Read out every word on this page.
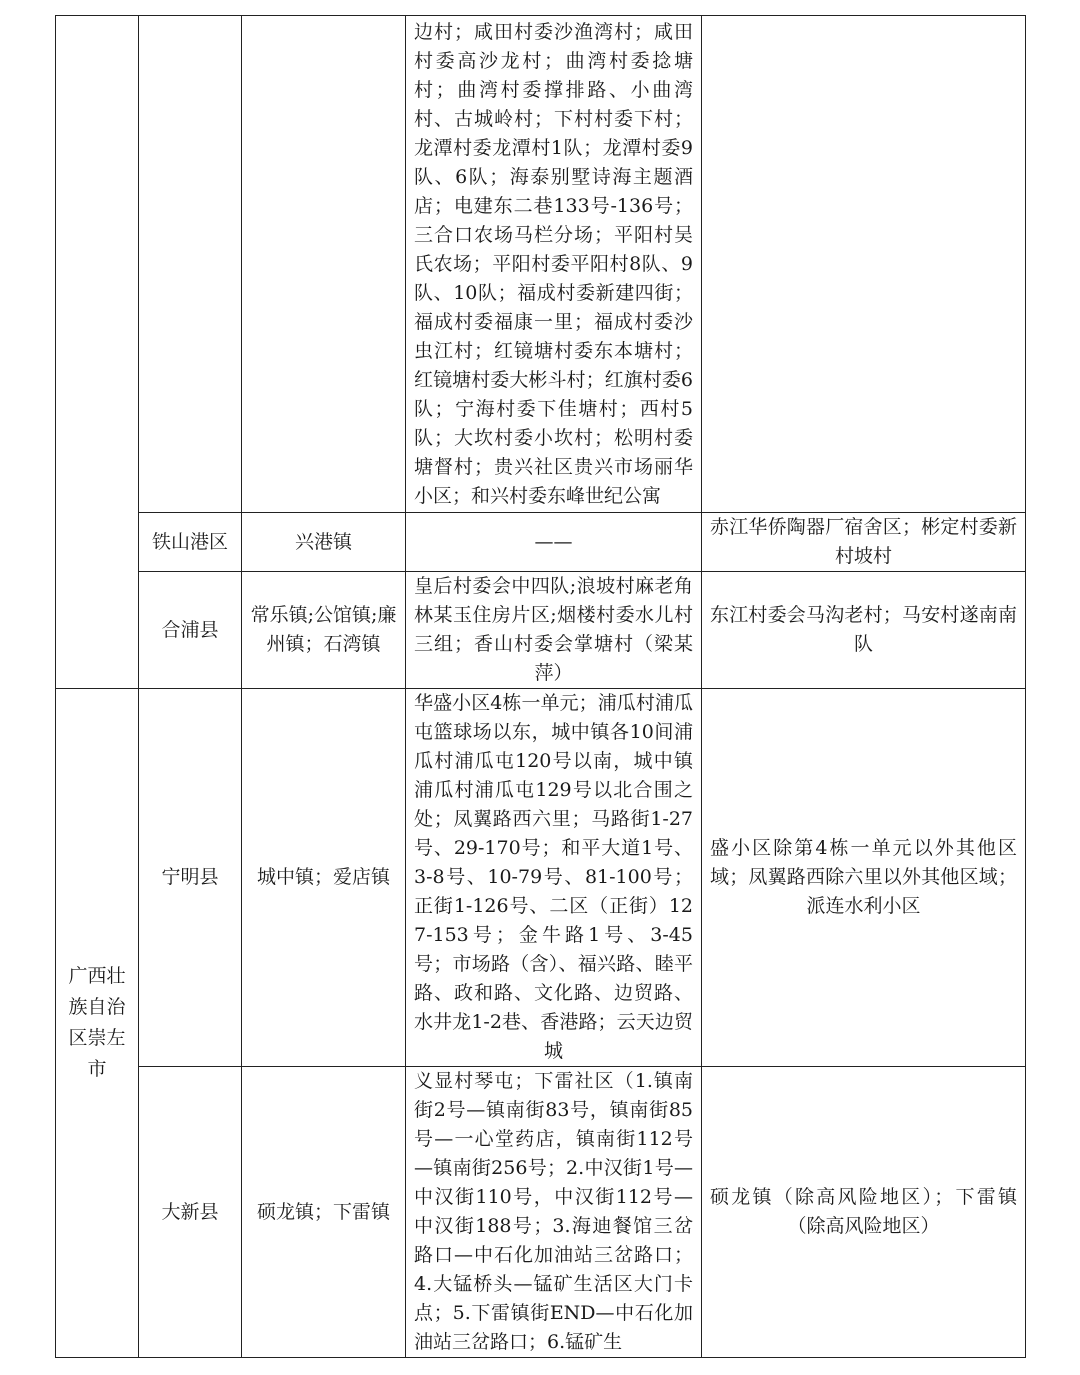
			边村；咸田村委沙渔湾村；咸田村委高沙龙村；曲湾村委捻塘村；曲湾村委撑排路、小曲湾村、古城岭村；下村村委下村；龙潭村委龙潭村1队；龙潭村委9队、6队；海泰别墅诗海主题酒店；电建东二巷133号-136号；三合口农场马栏分场；平阳村吴氏农场；平阳村委平阳村8队、9队、10队；福成村委新建四街；福成村委福康一里；福成村委沙虫江村；红镜塘村委东本塘村；红镜塘村委大彬斗村；红旗村委6队；宁海村委下佳塘村；西村5队；大坎村委小坎村；松明村委塘督村；贵兴社区贵兴市场丽华小区；和兴村委东峰世纪公寓	
	铁山港区	兴港镇	——	赤江华侨陶器厂宿舍区；彬定村委新村坡村
	合浦县	常乐镇;公馆镇;廉州镇；石湾镇	皇后村委会中四队;浪坡村麻老角林某玉住房片区;烟楼村委水儿村三组；香山村委会掌塘村（梁某萍）	东江村委会马沟老村；马安村遂南南队
广西壮族自治区崇左市	宁明县	城中镇；爱店镇	华盛小区4栋一单元；浦瓜村浦瓜屯篮球场以东，城中镇各10间浦瓜村浦瓜屯120号以南，城中镇浦瓜村浦瓜屯129号以北合围之处；凤翼路西六里；马路街1-27号、29-170号；和平大道1号、3-8号、10-79号、81-100号；正街1-126号、二区（正街）127-153号；金牛路1号、3-45号；市场路（含）、福兴路、睦平路、政和路、文化路、边贸路、水井龙1-2巷、香港路；云天边贸城	盛小区除第4栋一单元以外其他区域；凤翼路西除六里以外其他区域；派连水利小区
	大新县	硕龙镇；下雷镇	义显村琴屯；下雷社区（1.镇南街2号—镇南街83号，镇南街85号—一心堂药店，镇南街112号—镇南街256号；2.中汉街1号—中汉街110号，中汉街112号—中汉街188号；3.海迪餐馆三岔路口—中石化加油站三岔路口；4.大锰桥头—锰矿生活区大门卡点；5.下雷镇街END—中石化加油站三岔路口；6.锰矿生	硕龙镇（除高风险地区）；下雷镇（除高风险地区）
